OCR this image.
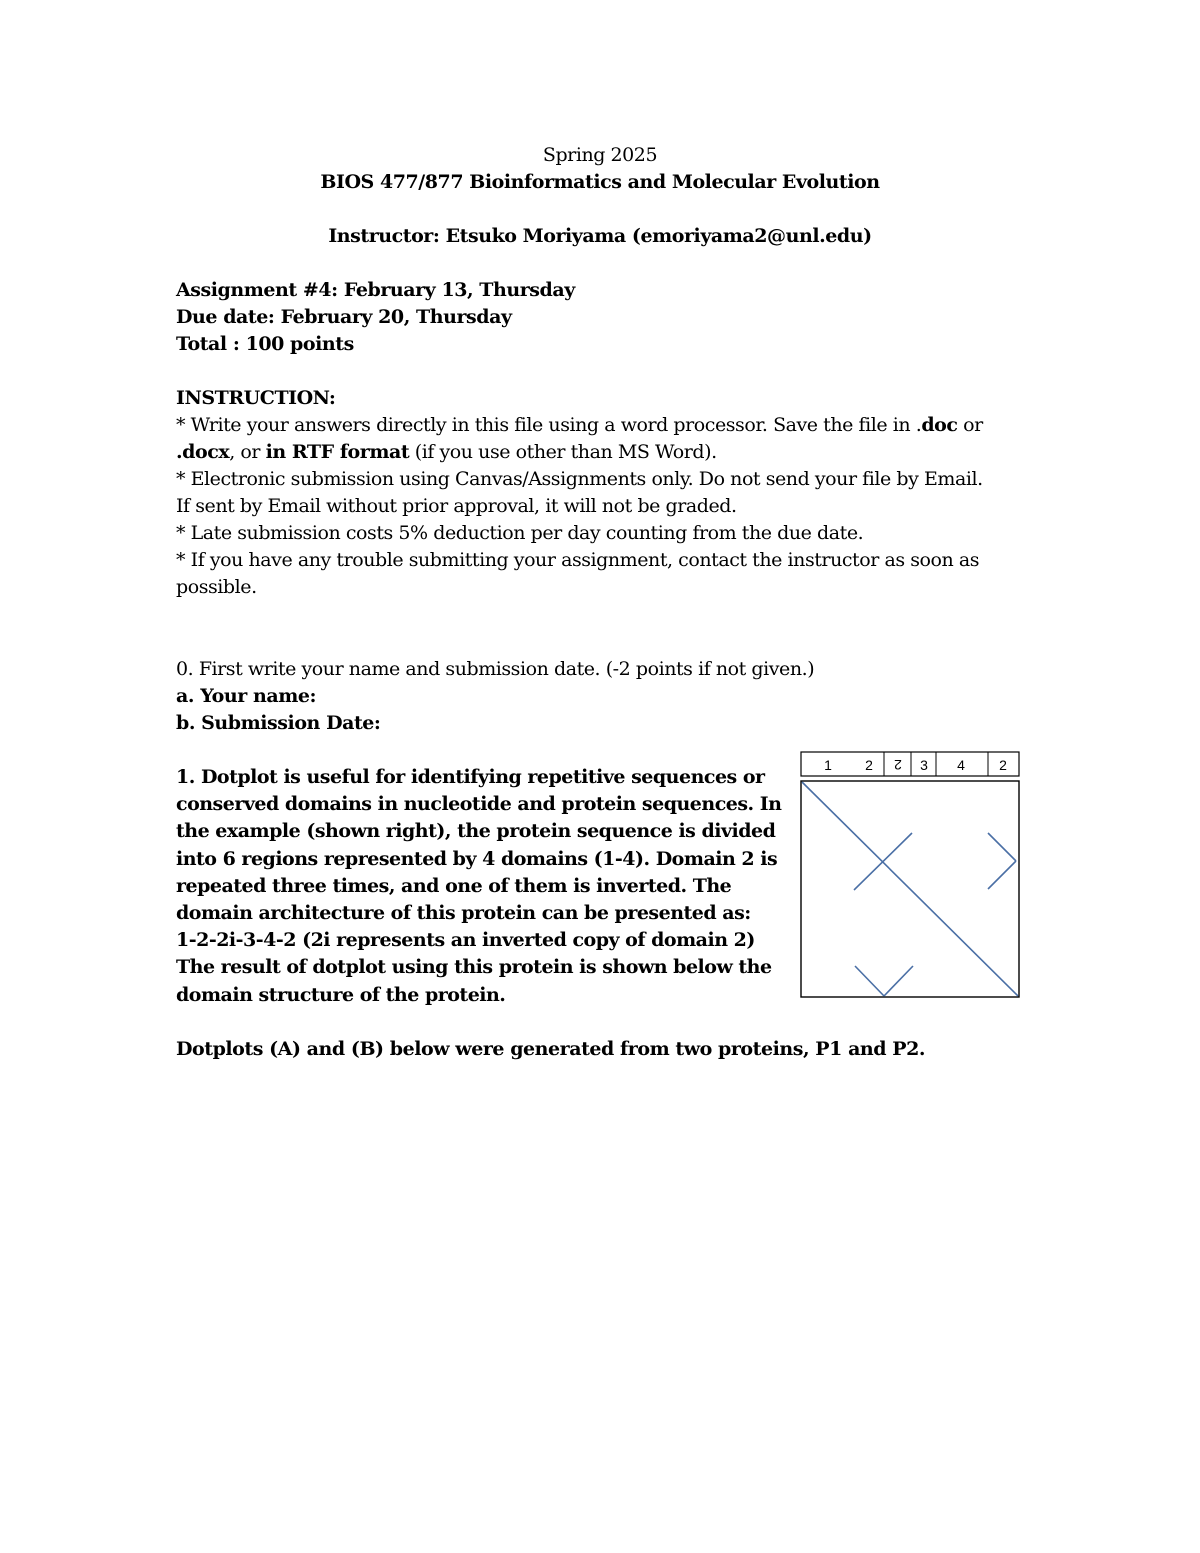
Spring 2025
BIOS 477/877 Bioinformatics and Molecular Evolution
Instructor: Etsuko Moriyama (emoriyama2@unl.edu)
Assignment #4: February 13, Thursday
Due date: February 20, Thursday
Total : 100 points
INSTRUCTION:
* Write your answers directly in this file using a word processor. Save the file in .doc or
.docx, or in RTF format (if you use other than MS Word).
* Electronic submission using Canvas/Assignments only. Do not send your file by Email.
If sent by Email without prior approval, it will not be graded.
* Late submission costs 5% deduction per day counting from the due date.
* If you have any trouble submitting your assignment, contact the instructor as soon as
possible.
0. First write your name and submission date. (-2 points if not given.)
a. Your name:
b. Submission Date:
1. Dotplot is useful for identifying repetitive sequences or
conserved domains in nucleotide and protein sequences. In
the example (shown right), the protein sequence is divided
into 6 regions represented by 4 domains (1-4). Domain 2 is
repeated three times, and one of them is inverted. The
domain architecture of this protein can be presented as:
1-2-2i-3-4-2 (2i represents an inverted copy of domain 2)
The result of dotplot using this protein is shown below the
domain structure of the protein.
Dotplots (A) and (B) below were generated from two proteins, P1 and P2.
1 2 2 3 4 2
